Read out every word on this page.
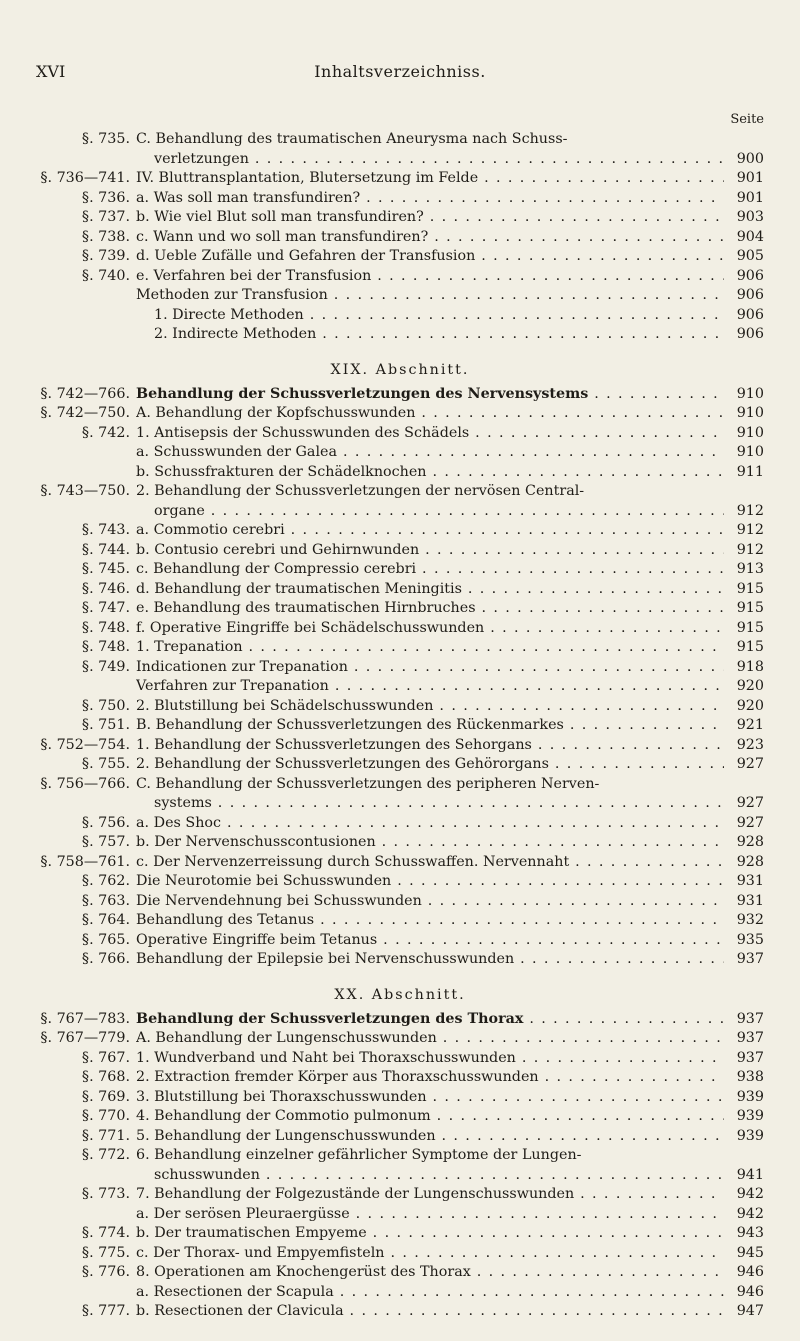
XVI	Inhaltsverzeichniss.
Seite
§. 735. C. Behandlung des traumatischen Aneurysma nach Schuss-
verletzungen . . .	900
§. 736—741. IV. Bluttransplantation, Blutersetzung im Felde . . .	901
§. 736. a. Was soll man transfundiren? . . .	901
§. 737. b. Wie viel Blut soll man transfundiren? . . .	903
§. 738. c. Wann und wo soll man transfundiren? . . .	904
§. 739. d. Ueble Zufälle und Gefahren der Transfusion . . .	905
§. 740. e. Verfahren bei der Transfusion . . .	906
Methoden zur Transfusion . . .	906
1. Directe Methoden . . .	906
2. Indirecte Methoden . . .	906
XIX. Abschnitt.
§. 742—766. Behandlung der Schussverletzungen des Nervensystems . . .	910
§. 742—750. A. Behandlung der Kopfschusswunden . . .	910
§. 742. 1. Antisepsis der Schusswunden des Schädels . . .	910
a. Schusswunden der Galea . . .	910
b. Schussfrakturen der Schädelknochen . . .	911
§. 743—750. 2. Behandlung der Schussverletzungen der nervösen Central-
organe . . .	912
§. 743. a. Commotio cerebri . . .	912
§. 744. b. Contusio cerebri und Gehirnwunden . . .	912
§. 745. c. Behandlung der Compressio cerebri . . .	913
§. 746. d. Behandlung der traumatischen Meningitis . . .	915
§. 747. e. Behandlung des traumatischen Hirnbruches . . .	915
§. 748. f. Operative Eingriffe bei Schädelschusswunden . . .	915
§. 748. 1. Trepanation . . .	915
§. 749. Indicationen zur Trepanation . . .	918
Verfahren zur Trepanation . . .	920
§. 750. 2. Blutstillung bei Schädelschusswunden . . .	920
§. 751. B. Behandlung der Schussverletzungen des Rückenmarkes . . .	921
§. 752—754. 1. Behandlung der Schussverletzungen des Sehorgans . . .	923
§. 755. 2. Behandlung der Schussverletzungen des Gehörorgans . . .	927
§. 756—766. C. Behandlung der Schussverletzungen des peripheren Nerven-
systems . . .	927
§. 756. a. Des Shoc . . .	927
§. 757. b. Der Nervenschusscontusionen . . .	928
§. 758—761. c. Der Nervenzerreissung durch Schusswaffen. Nervennaht . . .	928
§. 762. Die Neurotomie bei Schusswunden . . .	931
§. 763. Die Nervendehnung bei Schusswunden . . .	931
§. 764. Behandlung des Tetanus . . .	932
§. 765. Operative Eingriffe beim Tetanus . . .	935
§. 766. Behandlung der Epilepsie bei Nervenschusswunden . . .	937
XX. Abschnitt.
§. 767—783. Behandlung der Schussverletzungen des Thorax . . .	937
§. 767—779. A. Behandlung der Lungenschusswunden . . .	937
§. 767. 1. Wundverband und Naht bei Thoraxschusswunden . . .	937
§. 768. 2. Extraction fremder Körper aus Thoraxschusswunden . . .	938
§. 769. 3. Blutstillung bei Thoraxschusswunden . . .	939
§. 770. 4. Behandlung der Commotio pulmonum . . .	939
§. 771. 5. Behandlung der Lungenschusswunden . . .	939
§. 772. 6. Behandlung einzelner gefährlicher Symptome der Lungen-
schusswunden . . .	941
§. 773. 7. Behandlung der Folgezustände der Lungenschusswunden . . .	942
a. Der serösen Pleuraergüsse . . .	942
§. 774. b. Der traumatischen Empyeme . . .	943
§. 775. c. Der Thorax- und Empyemfisteln . . .	945
§. 776. 8. Operationen am Knochengerüst des Thorax . . .	946
a. Resectionen der Scapula . . .	946
§. 777. b. Resectionen der Clavicula . . .	947
